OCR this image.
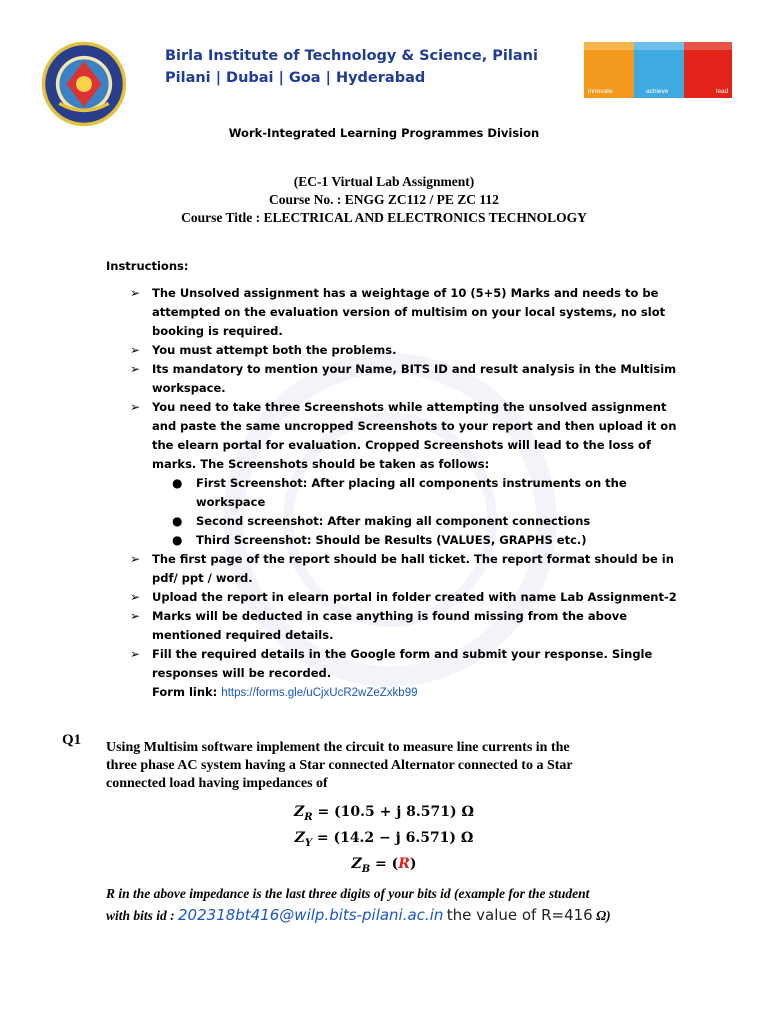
Birla Institute of Technology & Science, Pilani
Pilani | Dubai | Goa | Hyderabad
innovate	achieve	lead
Work-Integrated Learning Programmes Division
(EC-1 Virtual Lab Assignment)
Course No. : ENGG ZC112 / PE ZC 112
Course Title : ELECTRICAL AND ELECTRONICS TECHNOLOGY
Instructions:
➢ The Unsolved assignment has a weightage of 10 (5+5) Marks and needs to be
attempted on the evaluation version of multisim on your local systems, no slot
booking is required.
➢ You must attempt both the problems.
➢ Its mandatory to mention your Name, BITS ID and result analysis in the Multisim
workspace.
➢ You need to take three Screenshots while attempting the unsolved assignment
and paste the same uncropped Screenshots to your report and then upload it on
the elearn portal for evaluation. Cropped Screenshots will lead to the loss of
marks. The Screenshots should be taken as follows:
● First Screenshot: After placing all components instruments on the
workspace
● Second screenshot: After making all component connections
● Third Screenshot: Should be Results (VALUES, GRAPHS etc.)
➢ The first page of the report should be hall ticket. The report format should be in
pdf/ ppt / word.
➢ Upload the report in elearn portal in folder created with name Lab Assignment-2
➢ Marks will be deducted in case anything is found missing from the above
mentioned required details.
➢ Fill the required details in the Google form and submit your response. Single
responses will be recorded.
Form link: https://forms.gle/uCjxUcR2wZeZxkb99
Q1 Using Multisim software implement the circuit to measure line currents in the
three phase AC system having a Star connected Alternator connected to a Star
connected load having impedances of
$Z_R = (10.5 + j$ 8.571) Ω
$Z_Y = (14.2 - j$ 6.571) Ω
$Z_B = (R)$
R in the above impedance is the last three digits of your bits id (example for the student
with bits id : 202318bt416@wilp.bits-pilani.ac.in the value of R=416 Ω)
